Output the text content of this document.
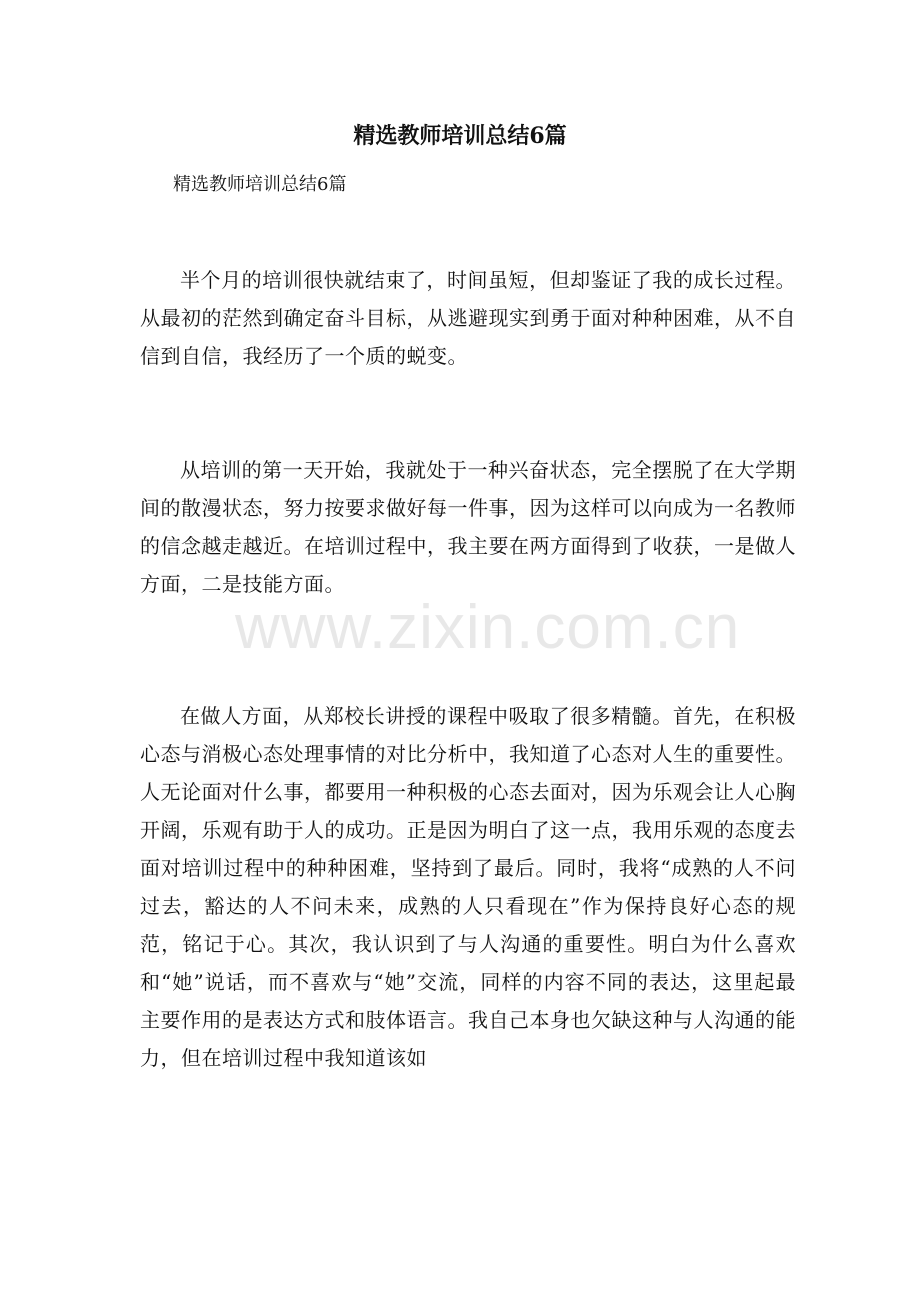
精选教师培训总结6篇

精选教师培训总结6篇

半个月的培训很快就结束了，时间虽短，但却鉴证了我的成长过程。从最初的茫然到确定奋斗目标，从逃避现实到勇于面对种种困难，从不自信到自信，我经历了一个质的蜕变。

从培训的第一天开始，我就处于一种兴奋状态，完全摆脱了在大学期间的散漫状态，努力按要求做好每一件事，因为这样可以向成为一名教师的信念越走越近。在培训过程中，我主要在两方面得到了收获，一是做人方面，二是技能方面。

在做人方面，从郑校长讲授的课程中吸取了很多精髓。首先，在积极心态与消极心态处理事情的对比分析中，我知道了心态对人生的重要性。人无论面对什么事，都要用一种积极的心态去面对，因为乐观会让人心胸开阔，乐观有助于人的成功。正是因为明白了这一点，我用乐观的态度去面对培训过程中的种种困难，坚持到了最后。同时，我将“成熟的人不问过去，豁达的人不问未来，成熟的人只看现在”作为保持良好心态的规范，铭记于心。其次，我认识到了与人沟通的重要性。明白为什么喜欢和“她”说话，而不喜欢与“她”交流，同样的内容不同的表达，这里起最主要作用的是表达方式和肢体语言。我自己本身也欠缺这种与人沟通的能力，但在培训过程中我知道该如

www.zixin.com.cn
